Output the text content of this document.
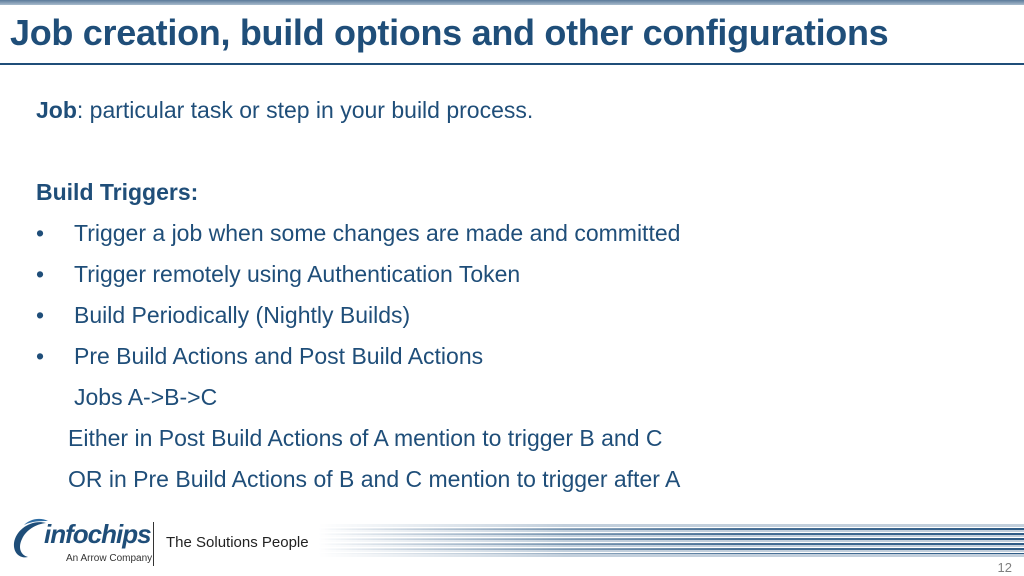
Job creation, build options and other configurations
Job: particular task or step in your build process.
Build Triggers:
•	Trigger a job when some changes are made and committed
•	Trigger remotely using Authentication Token
•	Build Periodically (Nightly Builds)
•	Pre Build Actions and Post Build Actions
Jobs A->B->C
Either in Post Build Actions of A mention to trigger B and C
OR in Pre Build Actions of B and C mention to trigger after A
infochips
An Arrow Company
The Solutions People
12
